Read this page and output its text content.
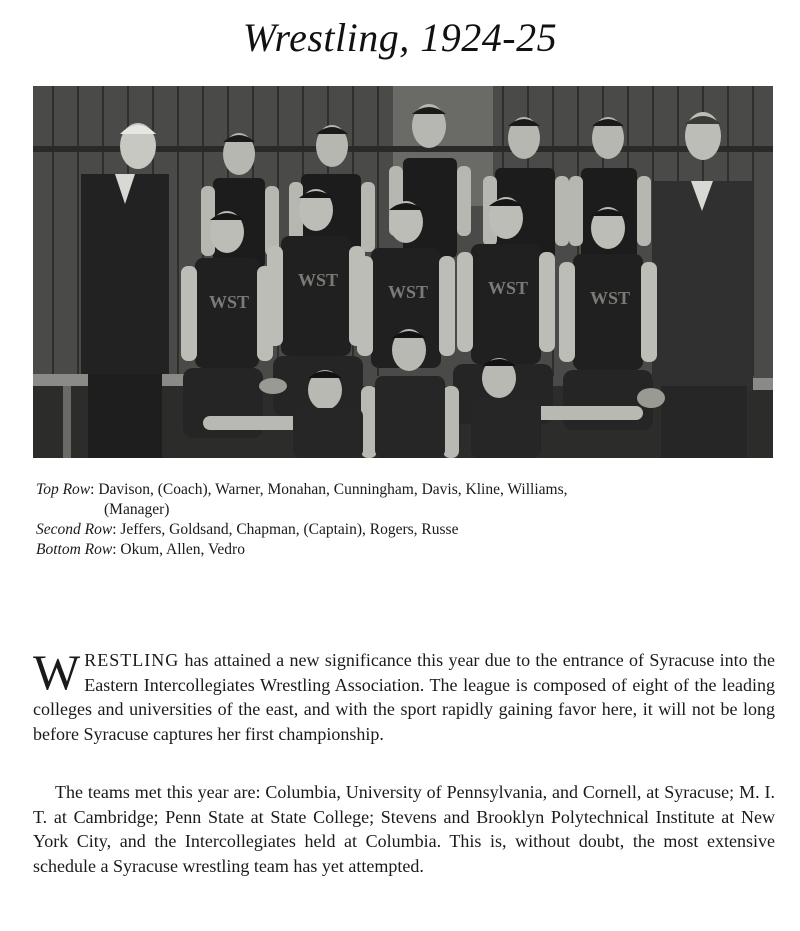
Wrestling, 1924-25
WST
WST
WST	WST	WST
Top Row: Davison, (Coach), Warner, Monahan, Cunningham, Davis, Kline, Williams,
(Manager)
Second Row: Jeffers, Goldsand, Chapman, (Captain), Rogers, Russe
Bottom Row: Okum, Allen, Vedro
WRESTLING has attained a new significance this year due to the entrance of Syracuse into the Eastern Intercollegiates Wrestling Association. The league is composed of eight of the leading colleges and universities of the east, and with the sport rapidly gaining favor here, it will not be long before Syracuse captures her first championship.
The teams met this year are: Columbia, University of Pennsylvania, and Cornell, at Syracuse; M. I. T. at Cambridge; Penn State at State College; Stevens and Brooklyn Polytechnical Institute at New York City, and the Intercollegiates held at Columbia. This is, without doubt, the most extensive schedule a Syracuse wrestling team has yet attempted.
